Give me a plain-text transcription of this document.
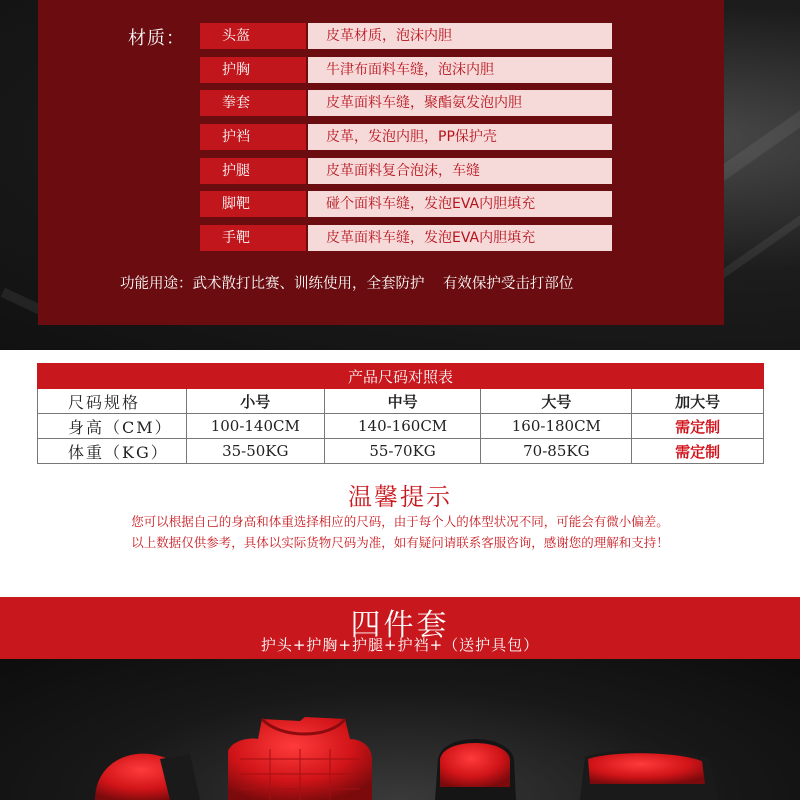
材质：	头盔	皮革材质，泡沫内胆
护胸	牛津布面料车缝，泡沫内胆
拳套	皮革面料车缝，聚酯氨发泡内胆
护裆	皮革，发泡内胆，PP保护壳
护腿	皮革面料复合泡沫，车缝
脚靶	碰个面料车缝，发泡EVA内胆填充
手靶	皮革面料车缝，发泡EVA内胆填充
功能用途：武术散打比赛、训练使用，全套防护    有效保护受击打部位
产品尺码对照表				
尺码规格	小号	中号	大号	加大号
身高（CM）	100-140CM	140-160CM	160-180CM	需定制
体重（KG）	35-50KG	55-70KG	70-85KG	需定制
温馨提示
您可以根据自己的身高和体重选择相应的尺码，由于每个人的体型状况不同，可能会有微小偏差。
以上数据仅供参考，具体以实际货物尺码为准，如有疑问请联系客服咨询，感谢您的理解和支持！
四件套
护头+护胸+护腿+护裆+（送护具包）
